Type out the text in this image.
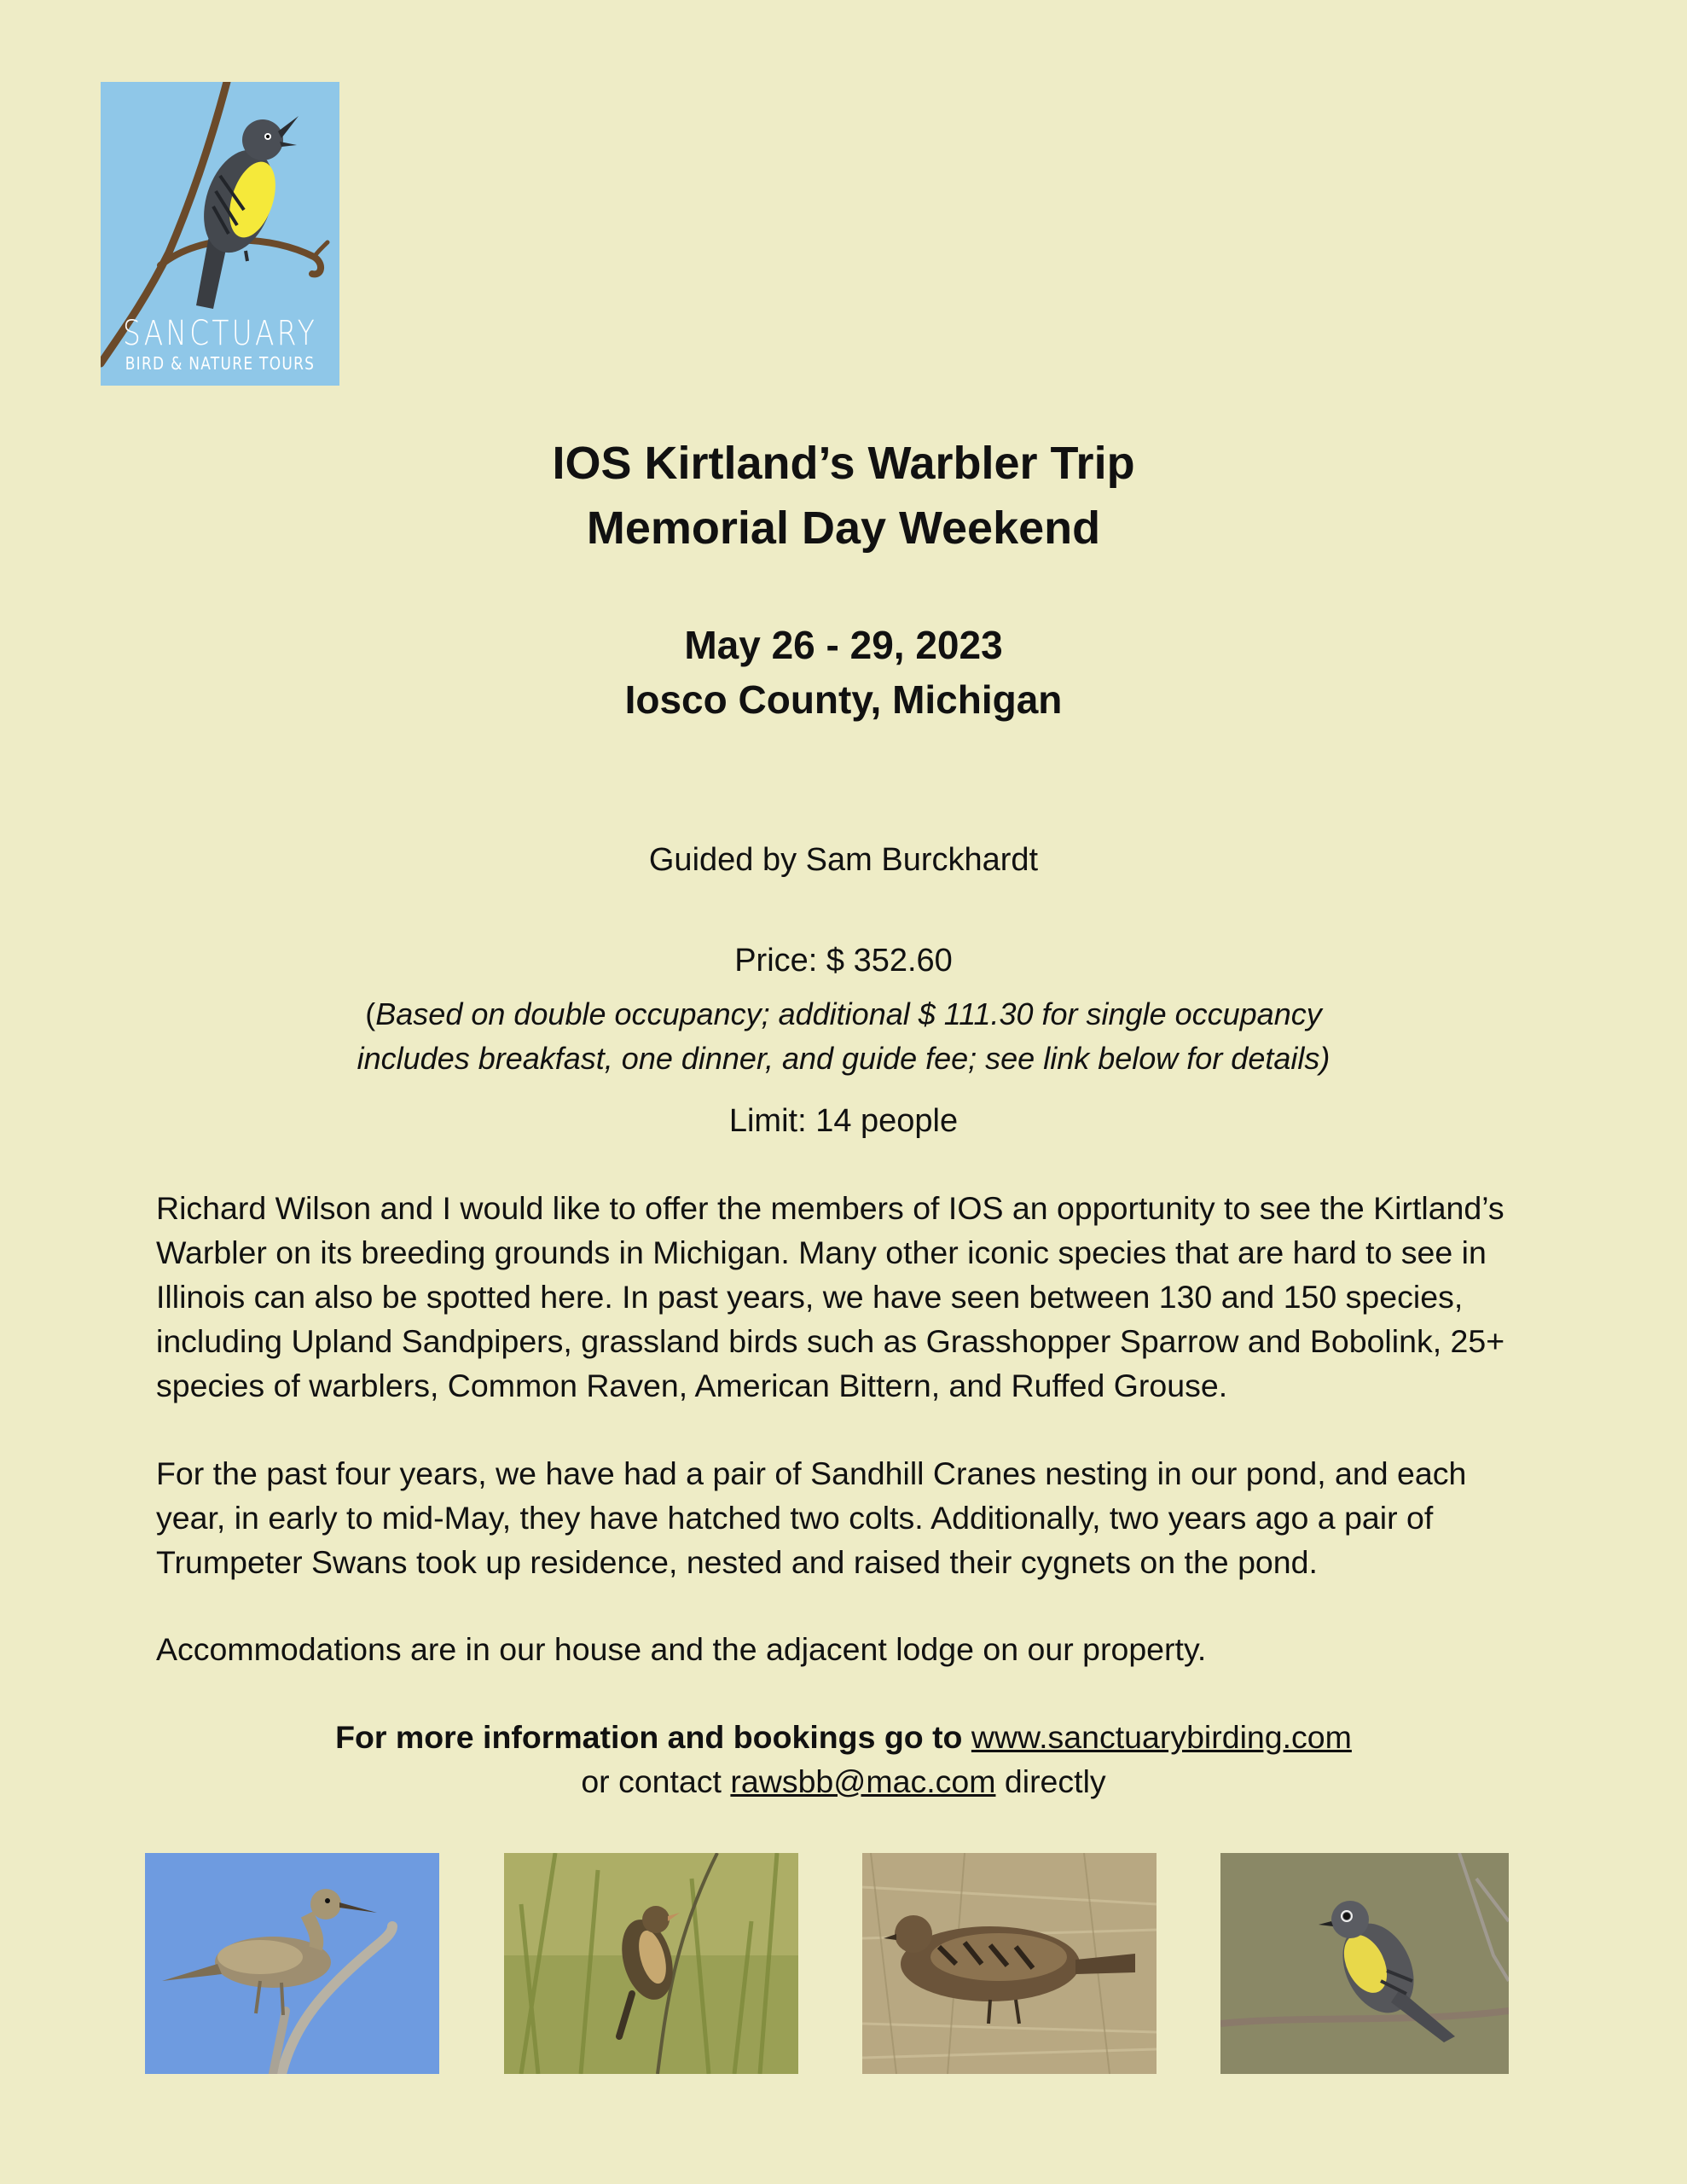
SANCTUARY
BIRD & NATURE TOURS
IOS Kirtland’s Warbler Trip
Memorial Day Weekend
May 26 - 29, 2023
Iosco County, Michigan
Guided by Sam Burckhardt
Price: $ 352.60
(Based on double occupancy; additional $ 111.30 for single occupancy
includes breakfast, one dinner, and guide fee; see link below for details)
Limit: 14 people
Richard Wilson and I would like to offer the members of IOS an opportunity to see the Kirtland’s Warbler on its breeding grounds in Michigan. Many other iconic species that are hard to see in Illinois can also be spotted here. In past years, we have seen between 130 and 150 species, including Upland Sandpipers, grassland birds such as Grasshopper Sparrow and Bobolink, 25+ species of warblers, Common Raven, American Bittern, and Ruffed Grouse.
For the past four years, we have had a pair of Sandhill Cranes nesting in our pond, and each year, in early to mid-May, they have hatched two colts. Additionally, two years ago a pair of Trumpeter Swans took up residence, nested and raised their cygnets on the pond.
Accommodations are in our house and the adjacent lodge on our property.
For more information and bookings go to www.sanctuarybirding.com
or contact rawsbb@mac.com directly
